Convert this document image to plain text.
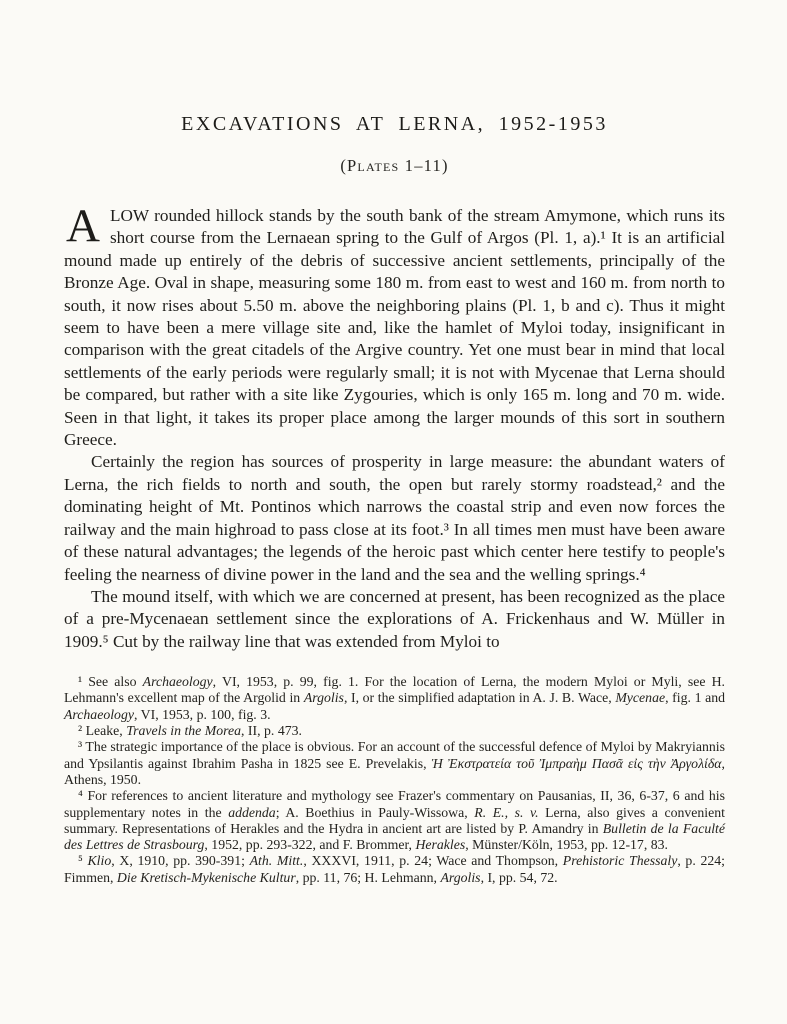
EXCAVATIONS AT LERNA, 1952-1953
(Plates 1–11)

ALOW rounded hillock stands by the south bank of the stream Amymone, which runs its short course from the Lernaean spring to the Gulf of Argos (Pl. 1, a).¹ It is an artificial mound made up entirely of the debris of successive ancient settlements, principally of the Bronze Age. Oval in shape, measuring some 180 m. from east to west and 160 m. from north to south, it now rises about 5.50 m. above the neighboring plains (Pl. 1, b and c). Thus it might seem to have been a mere village site and, like the hamlet of Myloi today, insignificant in comparison with the great citadels of the Argive country. Yet one must bear in mind that local settlements of the early periods were regularly small; it is not with Mycenae that Lerna should be compared, but rather with a site like Zygouries, which is only 165 m. long and 70 m. wide. Seen in that light, it takes its proper place among the larger mounds of this sort in southern Greece.

Certainly the region has sources of prosperity in large measure: the abundant waters of Lerna, the rich fields to north and south, the open but rarely stormy roadstead,² and the dominating height of Mt. Pontinos which narrows the coastal strip and even now forces the railway and the main highroad to pass close at its foot.³ In all times men must have been aware of these natural advantages; the legends of the heroic past which center here testify to people's feeling the nearness of divine power in the land and the sea and the welling springs.⁴

The mound itself, with which we are concerned at present, has been recognized as the place of a pre-Mycenaean settlement since the explorations of A. Frickenhaus and W. Müller in 1909.⁵ Cut by the railway line that was extended from Myloi to

¹ See also Archaeology, VI, 1953, p. 99, fig. 1. For the location of Lerna, the modern Myloi or Myli, see H. Lehmann's excellent map of the Argolid in Argolis, I, or the simplified adaptation in A. J. B. Wace, Mycenae, fig. 1 and Archaeology, VI, 1953, p. 100, fig. 3.

² Leake, Travels in the Morea, II, p. 473.

³ The strategic importance of the place is obvious. For an account of the successful defence of Myloi by Makryiannis and Ypsilantis against Ibrahim Pasha in 1825 see E. Prevelakis, Ἡ Ἐκστρατεία τοῦ Ἰμπραὴμ Πασᾶ εἰς τὴν Ἀργολίδα, Athens, 1950.

⁴ For references to ancient literature and mythology see Frazer's commentary on Pausanias, II, 36, 6-37, 6 and his supplementary notes in the addenda; A. Boethius in Pauly-Wissowa, R. E., s. v. Lerna, also gives a convenient summary. Representations of Herakles and the Hydra in ancient art are listed by P. Amandry in Bulletin de la Faculté des Lettres de Strasbourg, 1952, pp. 293-322, and F. Brommer, Herakles, Münster/Köln, 1953, pp. 12-17, 83.

⁵ Klio, X, 1910, pp. 390-391; Ath. Mitt., XXXVI, 1911, p. 24; Wace and Thompson, Prehistoric Thessaly, p. 224; Fimmen, Die Kretisch-Mykenische Kultur, pp. 11, 76; H. Lehmann, Argolis, I, pp. 54, 72.
